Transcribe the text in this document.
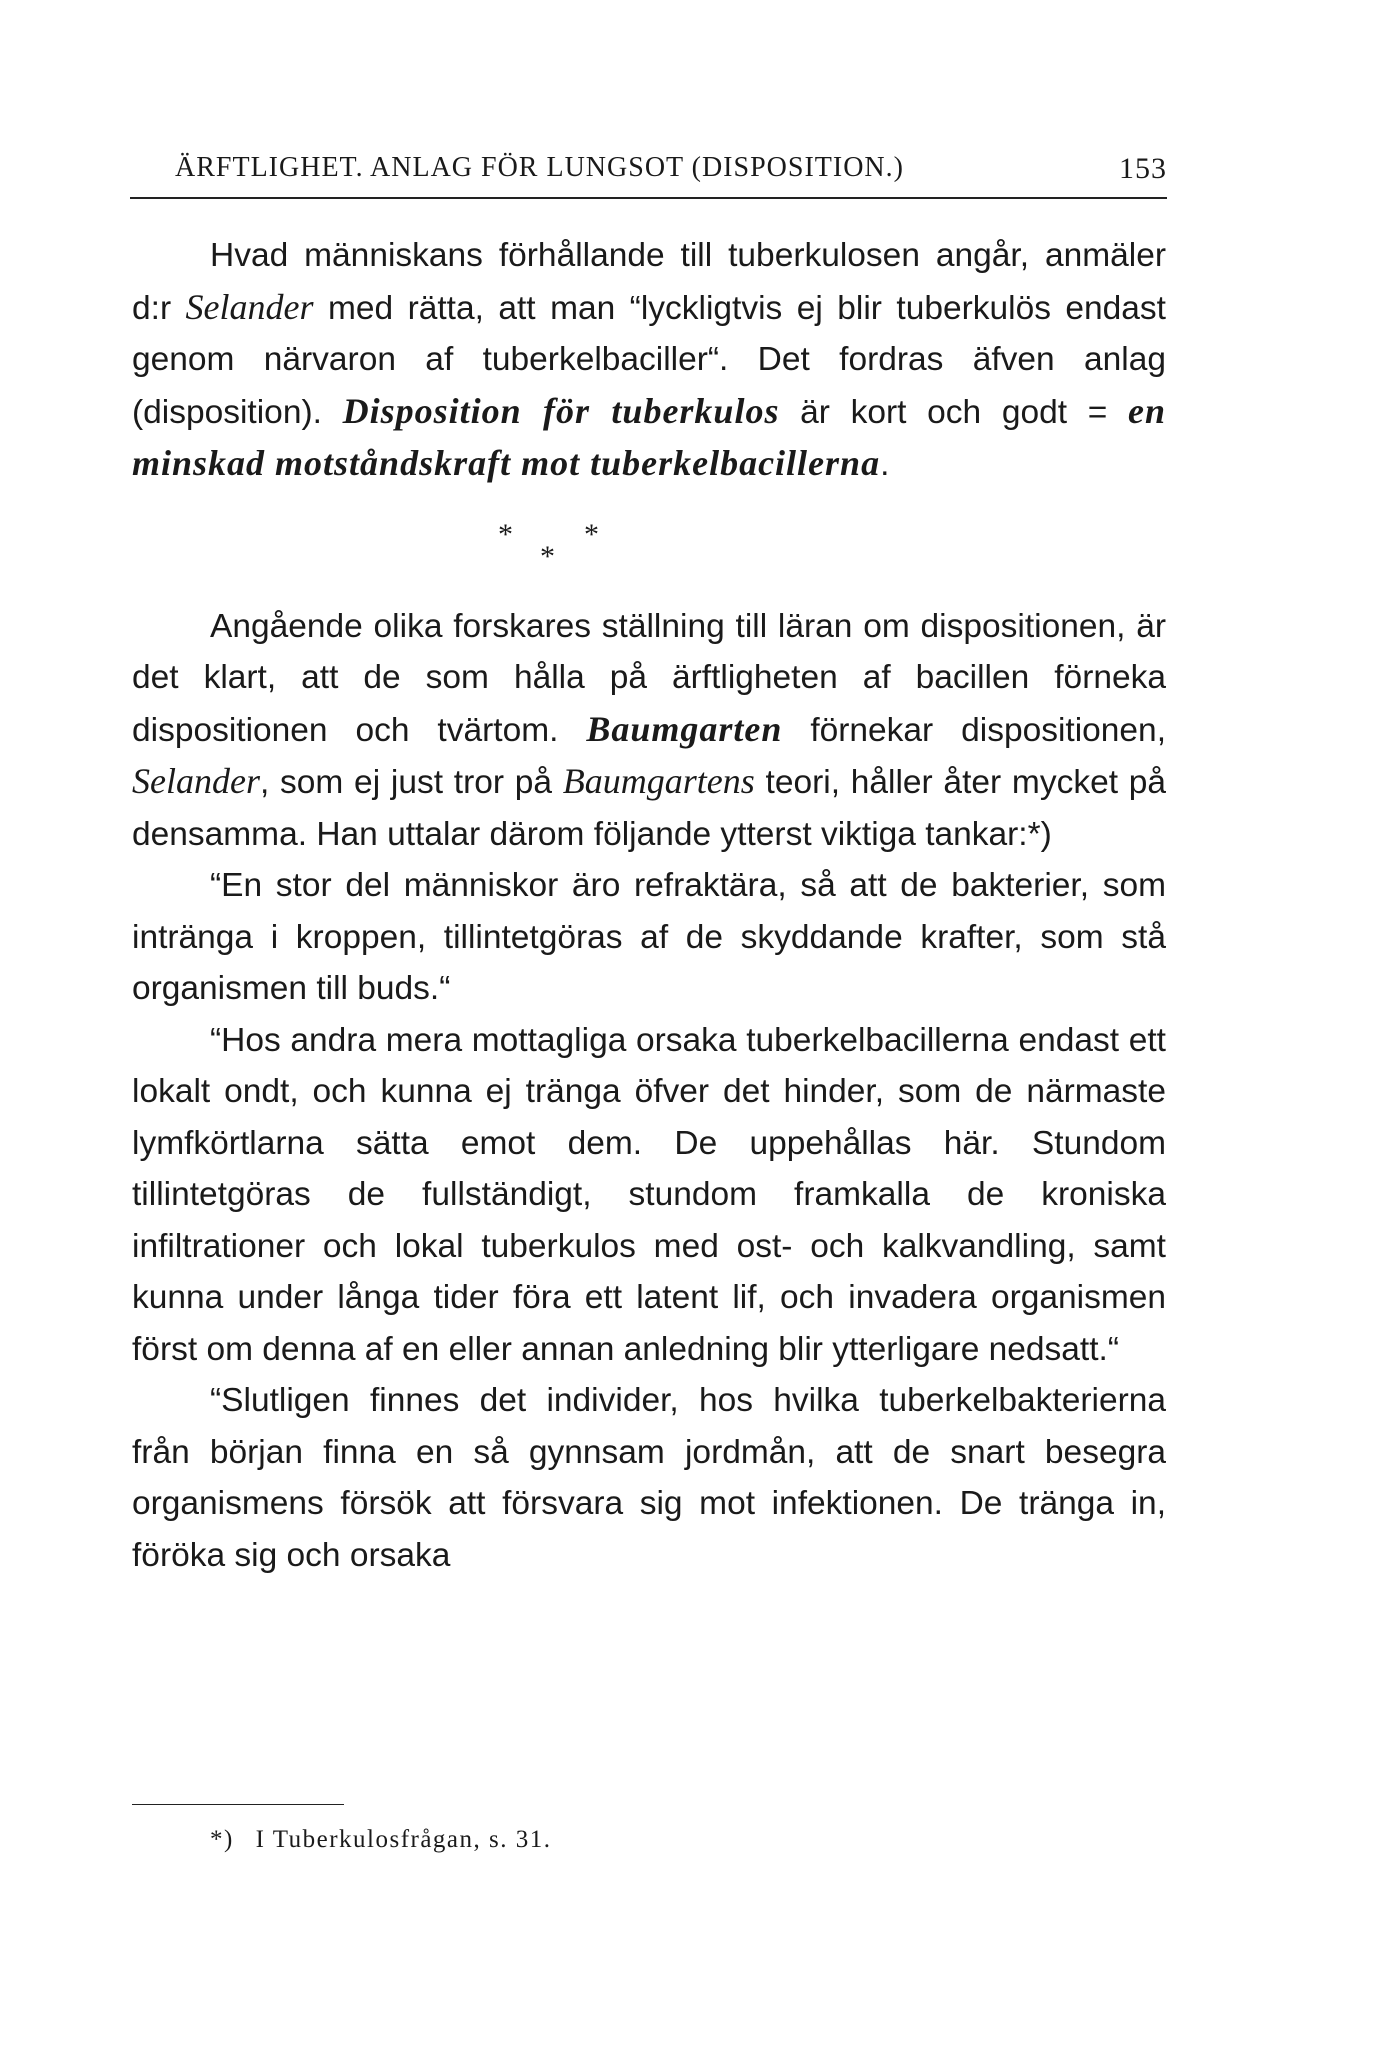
ÄRFTLIGHET. ANLAG FÖR LUNGSOT (DISPOSITION.)	153

Hvad människans förhållande till tuberkulosen angår, anmäler d:r Selander med rätta, att man “lyckligtvis ej blir tuberkulös endast genom närvaron af tuberkelbaciller“. Det fordras äfven anlag (disposition). Disposition för tuberkulos är kort och godt = en minskad motståndskraft mot tuberkelbacillerna.

*
*
*

Angående olika forskares ställning till läran om dispositionen, är det klart, att de som hålla på ärftligheten af bacillen förneka dispositionen och tvärtom. Baumgarten förnekar dispositionen, Selander, som ej just tror på Baumgartens teori, håller åter mycket på densamma. Han uttalar därom följande ytterst viktiga tankar:*)

“En stor del människor äro refraktära, så att de bakterier, som intränga i kroppen, tillintetgöras af de skyddande krafter, som stå organismen till buds.“

“Hos andra mera mottagliga orsaka tuberkelbacillerna endast ett lokalt ondt, och kunna ej tränga öfver det hinder, som de närmaste lymfkörtlarna sätta emot dem. De uppehållas här. Stundom tillintetgöras de fullständigt, stundom framkalla de kroniska infiltrationer och lokal tuberkulos med ost- och kalkvandling, samt kunna under långa tider föra ett latent lif, och invadera organismen först om denna af en eller annan anledning blir ytterligare nedsatt.“

“Slutligen finnes det individer, hos hvilka tuberkelbakterierna från början finna en så gynnsam jordmån, att de snart besegra organismens försök att försvara sig mot infektionen. De tränga in, föröka sig och orsaka

*) I Tuberkulosfrågan, s. 31.
